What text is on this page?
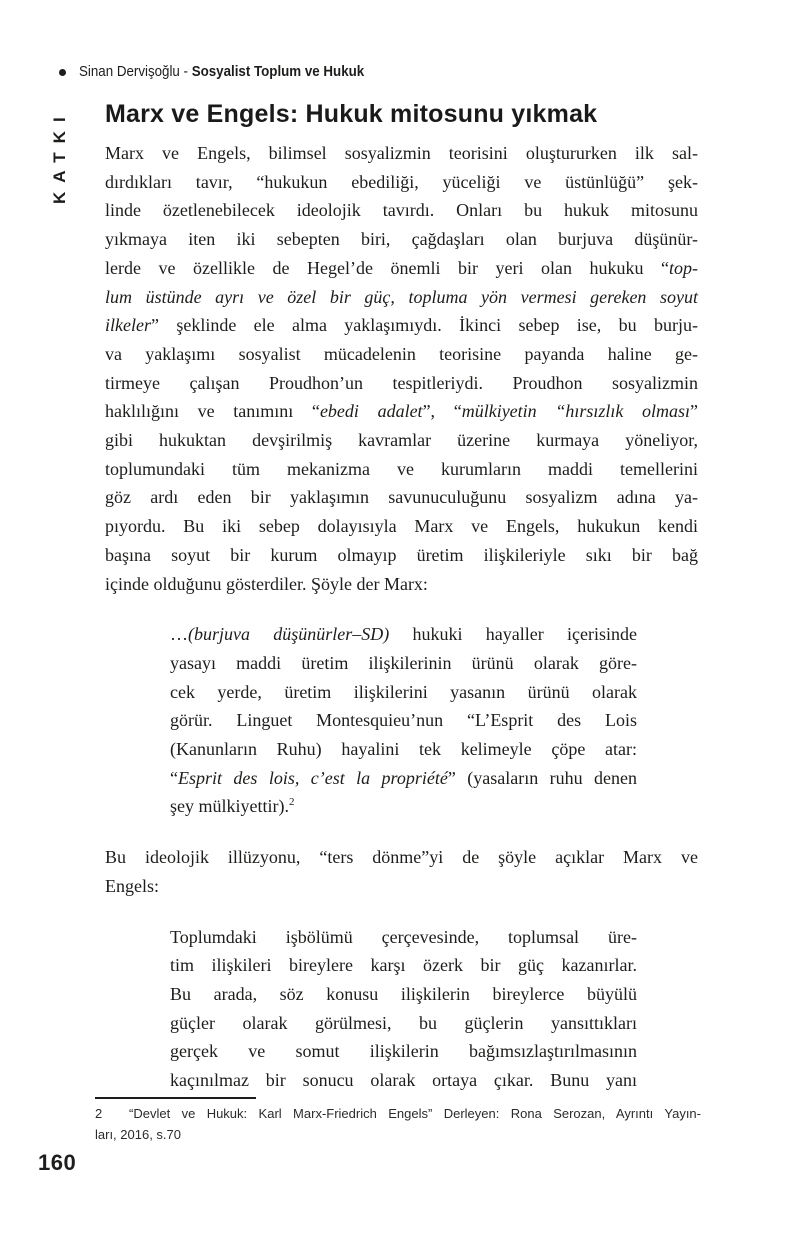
Sinan Dervişoğlu - Sosyalist Toplum ve Hukuk
KATKI Marx ve Engels: Hukuk mitosunu yıkmak
Marx ve Engels, bilimsel sosyalizmin teorisini oluştururken ilk sal-
dırdıkları tavır, “hukukun ebediliği, yüceliği ve üstünlüğü” şek-
linde özetlenebilecek ideolojik tavırdı. Onları bu hukuk mitosunu
yıkmaya iten iki sebepten biri, çağdaşları olan burjuva düşünür-
lerde ve özellikle de Hegel’de önemli bir yeri olan hukuku “top-
lum üstünde ayrı ve özel bir güç, topluma yön vermesi gereken soyut
ilkeler” şeklinde ele alma yaklaşımıydı. İkinci sebep ise, bu burju-
va yaklaşımı sosyalist mücadelenin teorisine payanda haline ge-
tirmeye çalışan Proudhon’un tespitleriydi. Proudhon sosyalizmin
haklılığını ve tanımını “ebedi adalet”, “mülkiyetin “hırsızlık olması”
gibi hukuktan devşirilmiş kavramlar üzerine kurmaya yöneliyor,
toplumundaki tüm mekanizma ve kurumların maddi temellerini
göz ardı eden bir yaklaşımın savunuculuğunu sosyalizm adına ya-
pıyordu. Bu iki sebep dolayısıyla Marx ve Engels, hukukun kendi
başına soyut bir kurum olmayıp üretim ilişkileriyle sıkı bir bağ
içinde olduğunu gösterdiler. Şöyle der Marx:
…(burjuva düşünürler–SD) hukuki hayaller içerisinde
yasayı maddi üretim ilişkilerinin ürünü olarak göre-
cek yerde, üretim ilişkilerini yasanın ürünü olarak
görür. Linguet Montesquieu’nun “L’Esprit des Lois
(Kanunların Ruhu) hayalini tek kelimeyle çöpe atar:
“Esprit des lois, c’est la propriété” (yasaların ruhu denen
şey mülkiyettir).$^2$
Bu ideolojik illüzyonu, “ters dönme”yi de şöyle açıklar Marx ve
Engels:
Toplumdaki işbölümü çerçevesinde, toplumsal üre-
tim ilişkileri bireylere karşı özerk bir güç kazanırlar.
Bu arada, söz konusu ilişkilerin bireylerce büyülü
güçler olarak görülmesi, bu güçlerin yansıttıkları
gerçek ve somut ilişkilerin bağımsızlaştırılmasının
kaçınılmaz bir sonucu olarak ortaya çıkar. Bunu yanı
2	“Devlet ve Hukuk: Karl Marx-Friedrich Engels” Derleyen: Rona Serozan, Ayrıntı Yayın-
ları, 2016, s.70
160
